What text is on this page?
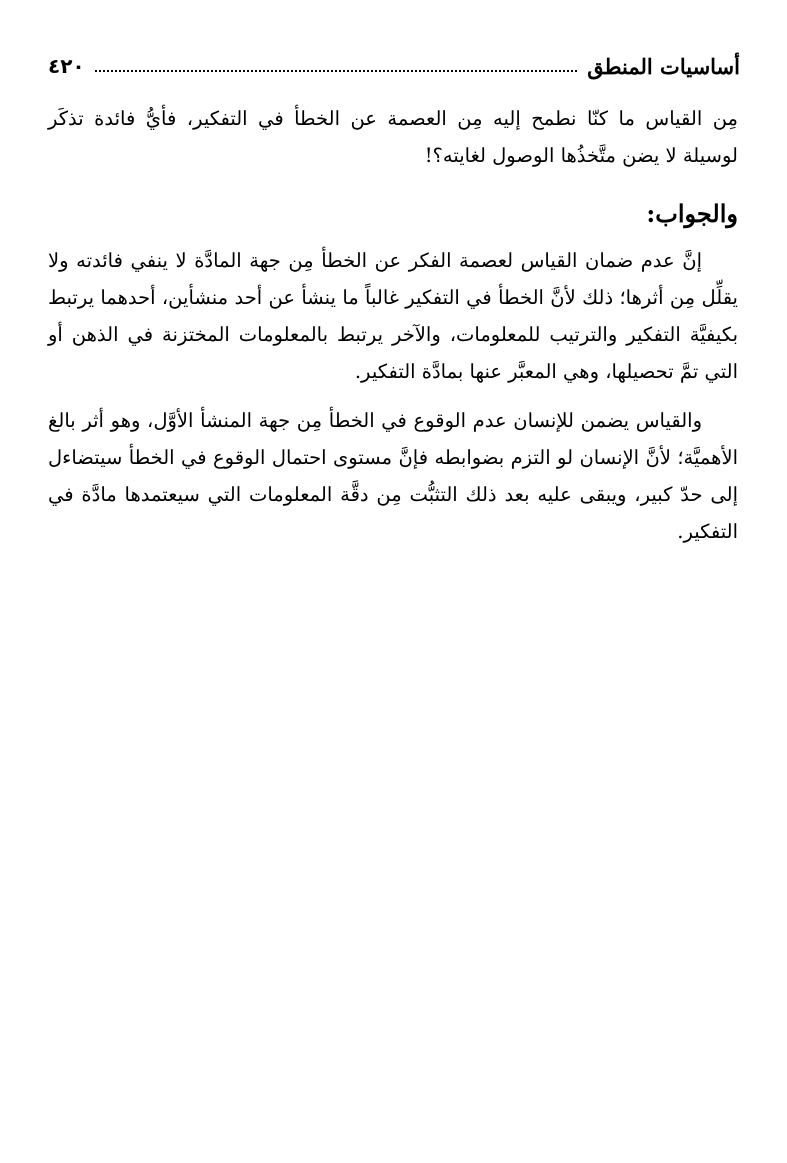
أساسيات المنطق
٤٢٠

مِن القياس ما كنّا نطمح إليه مِن العصمة عن الخطأ في التفكير، فأيُّ فائدة تذكَر لوسيلة لا يضن متَّخذُها الوصول لغايته؟!

والجواب:

إنَّ عدم ضمان القياس لعصمة الفكر عن الخطأ مِن جهة المادَّة لا ينفي فائدته ولا يقلِّل مِن أثرها؛ ذلك لأنَّ الخطأ في التفكير غالباً ما ينشأ عن أحد منشأين، أحدهما يرتبط بكيفيَّة التفكير والترتيب للمعلومات، والآخر يرتبط بالمعلومات المختزنة في الذهن أو التي تمَّ تحصيلها، وهي المعبَّر عنها بمادَّة التفكير.

والقياس يضمن للإنسان عدم الوقوع في الخطأ مِن جهة المنشأ الأوَّل، وهو أثر بالغ الأهميَّة؛ لأنَّ الإنسان لو التزم بضوابطه فإنَّ مستوى احتمال الوقوع في الخطأ سيتضاءل إلى حدّ كبير، ويبقى عليه بعد ذلك التثبُّت مِن دقَّة المعلومات التي سيعتمدها مادَّة في التفكير.
